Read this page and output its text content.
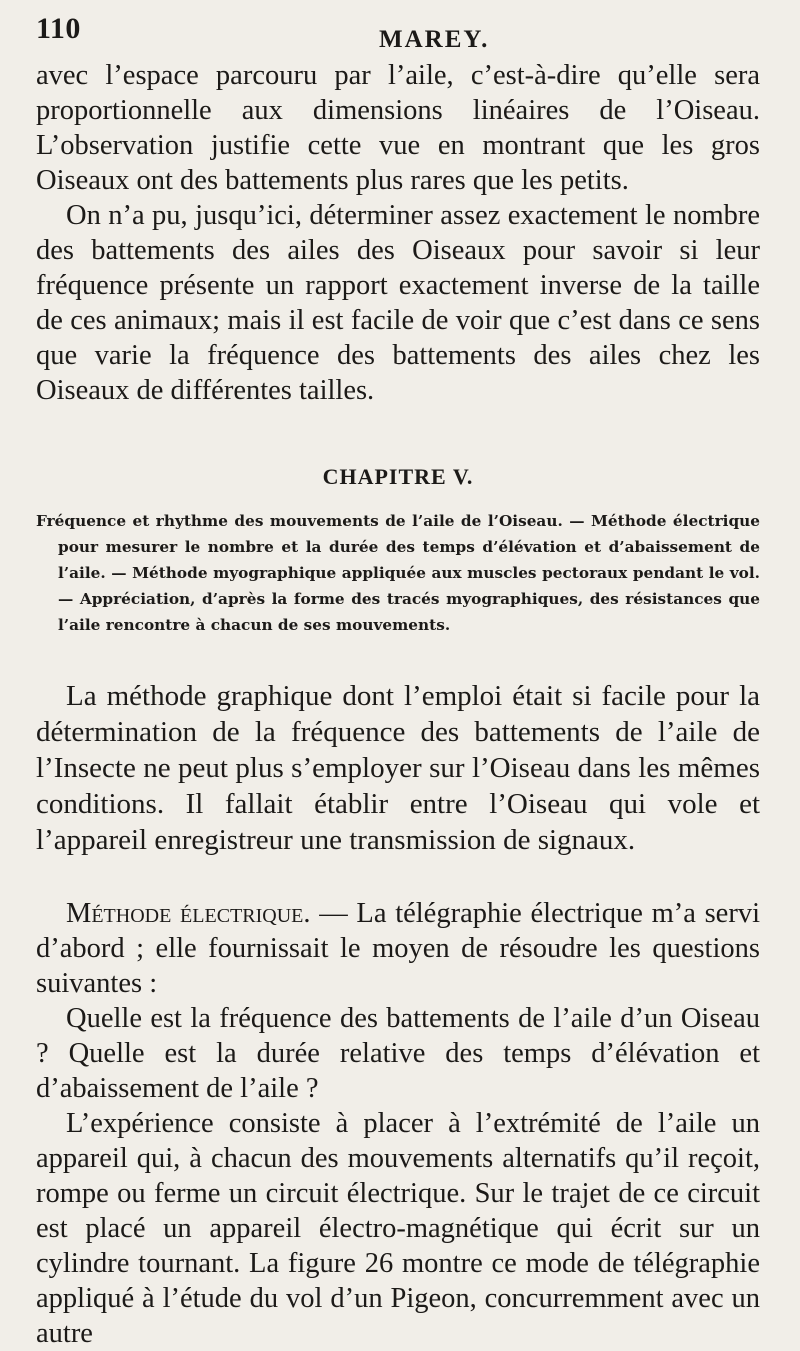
110	MAREY.

avec l’espace parcouru par l’aile, c’est-à-dire qu’elle sera proportionnelle aux dimensions linéaires de l’Oiseau. L’observation justifie cette vue en montrant que les gros Oiseaux ont des battements plus rares que les petits.

On n’a pu, jusqu’ici, déterminer assez exactement le nombre des battements des ailes des Oiseaux pour savoir si leur fréquence présente un rapport exactement inverse de la taille de ces animaux; mais il est facile de voir que c’est dans ce sens que varie la fréquence des battements des ailes chez les Oiseaux de différentes tailles.

CHAPITRE V.

Fréquence et rhythme des mouvements de l’aile de l’Oiseau. — Méthode électrique pour mesurer le nombre et la durée des temps d’élévation et d’abaissement de l’aile. — Méthode myographique appliquée aux muscles pectoraux pendant le vol. — Appréciation, d’après la forme des tracés myographiques, des résistances que l’aile rencontre à chacun de ses mouvements.

La méthode graphique dont l’emploi était si facile pour la détermination de la fréquence des battements de l’aile de l’Insecte ne peut plus s’employer sur l’Oiseau dans les mêmes conditions. Il fallait établir entre l’Oiseau qui vole et l’appareil enregistreur une transmission de signaux.

Méthode électrique. — La télégraphie électrique m’a servi d’abord ; elle fournissait le moyen de résoudre les questions suivantes :

Quelle est la fréquence des battements de l’aile d’un Oiseau ? Quelle est la durée relative des temps d’élévation et d’abaissement de l’aile ?

L’expérience consiste à placer à l’extrémité de l’aile un appareil qui, à chacun des mouvements alternatifs qu’il reçoit, rompe ou ferme un circuit électrique. Sur le trajet de ce circuit est placé un appareil électro-magnétique qui écrit sur un cylindre tournant. La figure 26 montre ce mode de télégraphie appliqué à l’étude du vol d’un Pigeon, concurremment avec un autre
